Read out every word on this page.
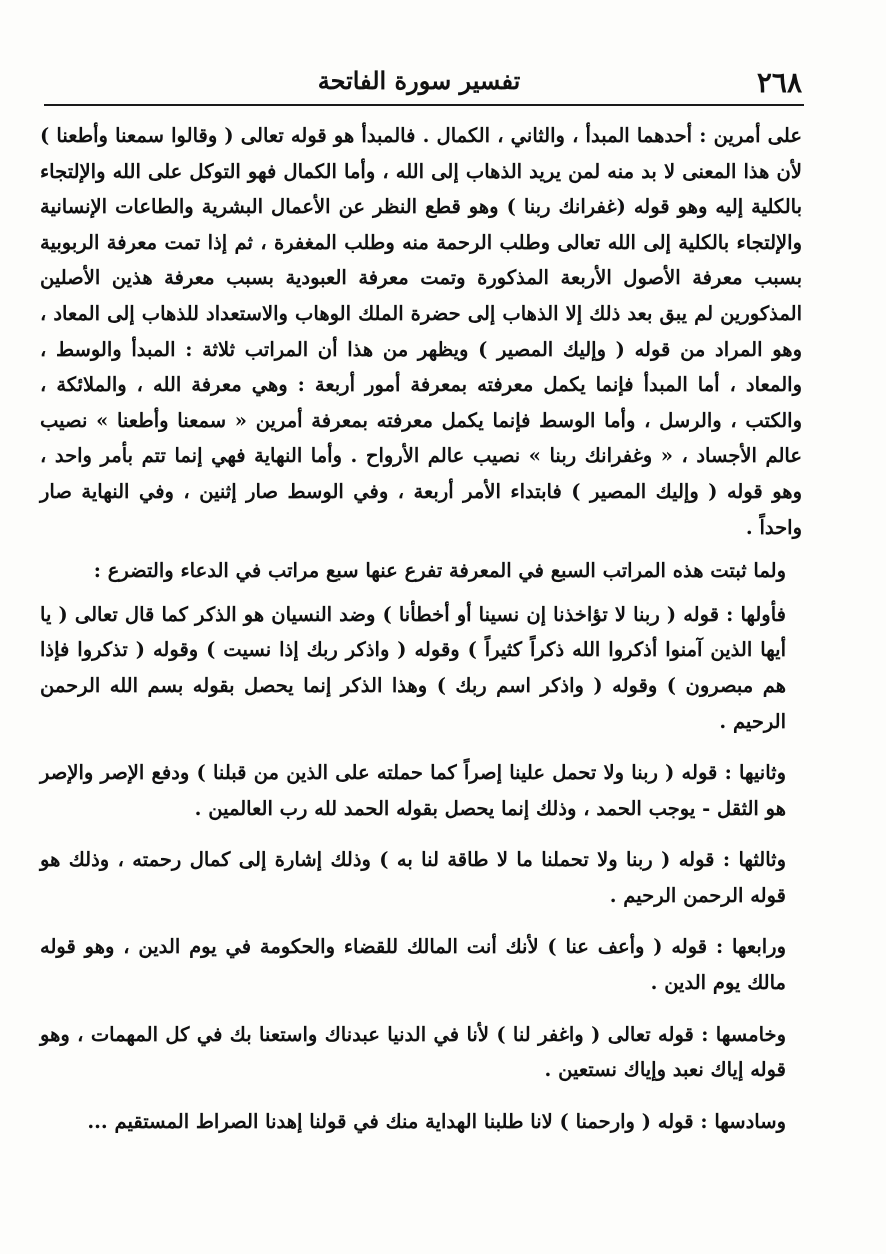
٢٦٨
تفسير سورة الفاتحة

على أمرين : أحدهما المبدأ ، والثاني ، الكمال . فالمبدأ هو قوله تعالى ( وقالوا سمعنا وأطعنا ) لأن هذا المعنى لا بد منه لمن يريد الذهاب إلى الله ، وأما الكمال فهو التوكل على الله والإلتجاء بالكلية إليه وهو قوله (غفرانك ربنا ) وهو قطع النظر عن الأعمال البشرية والطاعات الإنسانية والإلتجاء بالكلية إلى الله تعالى وطلب الرحمة منه وطلب المغفرة ، ثم إذا تمت معرفة الربوبية بسبب معرفة الأصول الأربعة المذكورة وتمت معرفة العبودية بسبب معرفة هذين الأصلين المذكورين لم يبق بعد ذلك إلا الذهاب إلى حضرة الملك الوهاب والاستعداد للذهاب إلى المعاد ، وهو المراد من قوله ( وإليك المصير ) ويظهر من هذا أن المراتب ثلاثة : المبدأ والوسط ، والمعاد ، أما المبدأ فإنما يكمل معرفته بمعرفة أمور أربعة : وهي معرفة الله ، والملائكة ، والكتب ، والرسل ، وأما الوسط فإنما يكمل معرفته بمعرفة أمرين « سمعنا وأطعنا » نصيب عالم الأجساد ، « وغفرانك ربنا » نصيب عالم الأرواح . وأما النهاية فهي إنما تتم بأمر واحد ، وهو قوله ( وإليك المصير ) فابتداء الأمر أربعة ، وفي الوسط صار إثنين ، وفي النهاية صار واحداً .

ولما ثبتت هذه المراتب السبع في المعرفة تفرع عنها سبع مراتب في الدعاء والتضرع :

فأولها : قوله ( ربنا لا تؤاخذنا إن نسينا أو أخطأنا ) وضد النسيان هو الذكر كما قال تعالى ( يا أيها الذين آمنوا أذكروا الله ذكراً كثيراً ) وقوله ( واذكر ربك إذا نسيت ) وقوله ( تذكروا فإذا هم مبصرون ) وقوله ( واذكر اسم ربك ) وهذا الذكر إنما يحصل بقوله بسم الله الرحمن الرحيم .

وثانيها : قوله ( ربنا ولا تحمل علينا إصراً كما حملته على الذين من قبلنا ) ودفع الإصر والإصر هو الثقل - يوجب الحمد ، وذلك إنما يحصل بقوله الحمد لله رب العالمين .

وثالثها : قوله ( ربنا ولا تحملنا ما لا طاقة لنا به ) وذلك إشارة إلى كمال رحمته ، وذلك هو قوله الرحمن الرحيم .

ورابعها : قوله ( وأعف عنا ) لأنك أنت المالك للقضاء والحكومة في يوم الدين ، وهو قوله مالك يوم الدين .

وخامسها : قوله تعالى ( واغفر لنا ) لأنا في الدنيا عبدناك واستعنا بك في كل المهمات ، وهو قوله إياك نعبد وإياك نستعين .

وسادسها : قوله ( وارحمنا ) لانا طلبنا الهداية منك في قولنا إهدنا الصراط المستقيم ...
